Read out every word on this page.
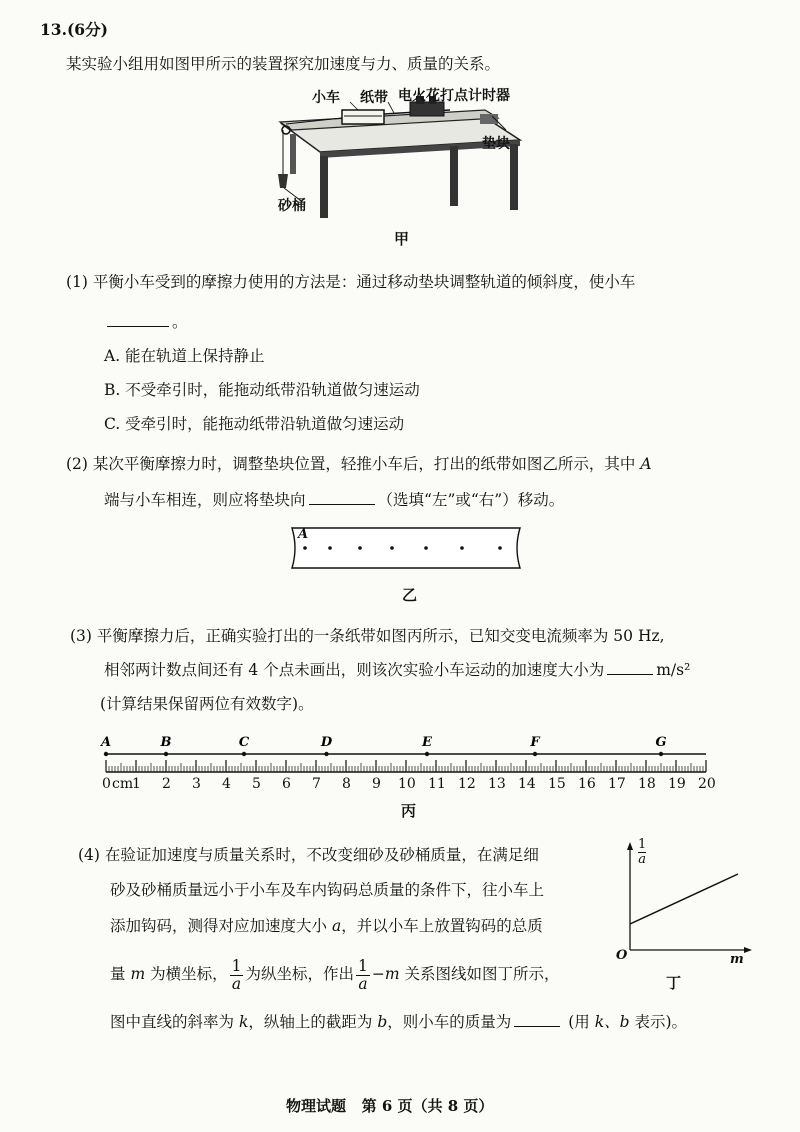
13.(6分)
某实验小组用如图甲所示的装置探究加速度与力、质量的关系。
小车 纸带 电火花打点计时器
垫块
砂桶
甲
(1) 平衡小车受到的摩擦力使用的方法是：通过移动垫块调整轨道的倾斜度，使小车
。
A. 能在轨道上保持静止
B. 不受牵引时，能拖动纸带沿轨道做匀速运动
C. 受牵引时，能拖动纸带沿轨道做匀速运动
(2) 某次平衡摩擦力时，调整垫块位置，轻推小车后，打出的纸带如图乙所示，其中 A
端与小车相连，则应将垫块向	（选填“左”或“右”）移动。
A
乙
(3) 平衡摩擦力后，正确实验打出的一条纸带如图丙所示，已知交变电流频率为 50 Hz,
相邻两计数点间还有 4 个点未画出，则该次实验小车运动的加速度大小为	m/s²
(计算结果保留两位有效数字)。
A	B	C	D	E	F	G
0 cm
1 2 3 4 5 6 7 8 9 10 11 12 13 14 15 16 17 18 19 20
丙
(4) 在验证加速度与质量关系时，不改变细砂及砂桶质量，在满足细
砂及砂桶质量远小于小车及车内钩码总质量的条件下，往小车上
添加钩码，测得对应加速度大小 a，并以小车上放置钩码的总质
量 m 为横坐标， $\frac{1}{a}$ 为纵坐标，作出 $\frac{1}{a} -m$ 关系图线如图丁所示，
图中直线的斜率为 k，纵轴上的截距为 b，则小车的质量为	(用 k、b 表示)。
$\frac{1}{a}$
O	m
丁
物理试题   第 6 页（共 8 页）
